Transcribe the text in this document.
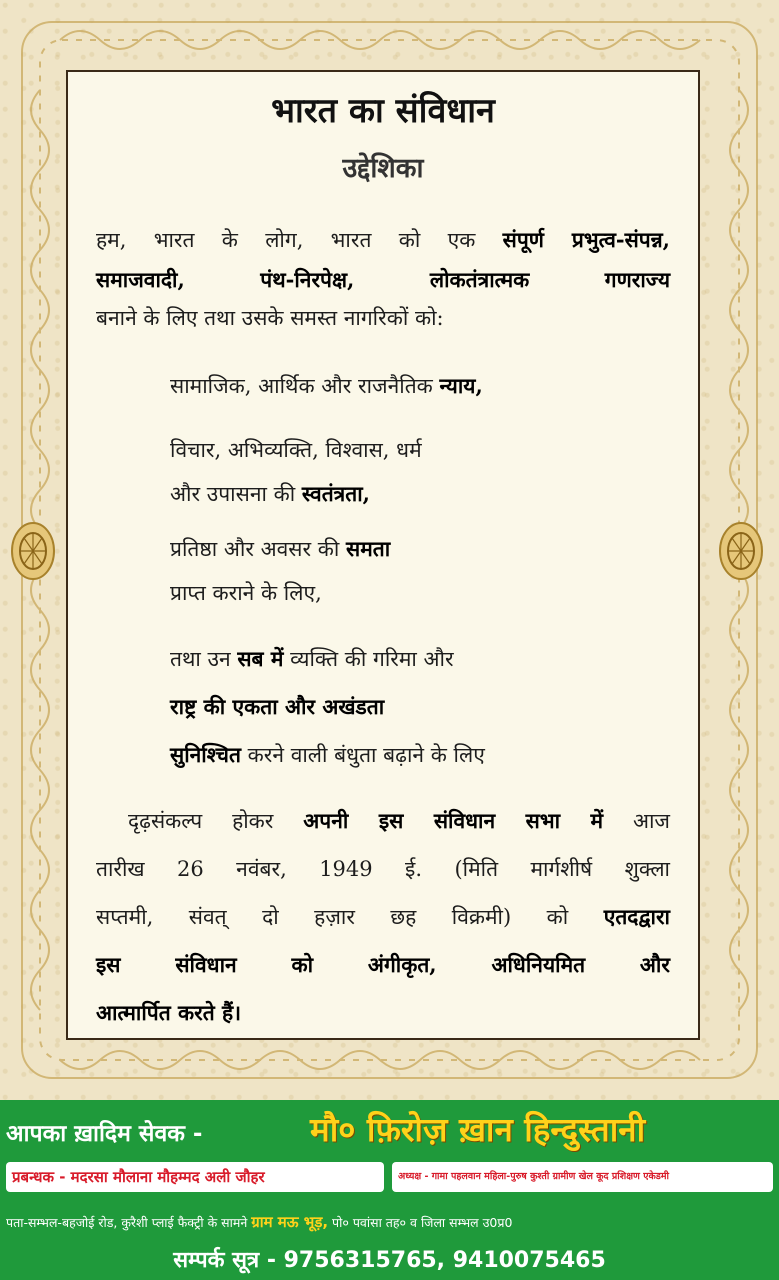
भारत का संविधान
उद्देशिका
हम, भारत के लोग, भारत को एक संपूर्ण प्रभुत्व-संपन्न,
समाजवादी, पंथ-निरपेक्ष, लोकतंत्रात्मक गणराज्य
बनाने के लिए तथा उसके समस्त नागरिकों को:
सामाजिक, आर्थिक और राजनैतिक न्याय,
विचार, अभिव्यक्ति, विश्वास, धर्म
और उपासना की स्वतंत्रता,
प्रतिष्ठा और अवसर की समता
प्राप्त कराने के लिए,
तथा उन सब में व्यक्ति की गरिमा और
राष्ट्र की एकता और अखंडता
सुनिश्चित करने वाली बंधुता बढ़ाने के लिए
दृढ़संकल्प होकर अपनी इस संविधान सभा में आज
तारीख 26 नवंबर, 1949 ई. (मिति मार्गशीर्ष शुक्ला
सप्तमी, संवत् दो हज़ार छह विक्रमी) को एतदद्वारा
इस संविधान को अंगीकृत, अधिनियमित और
आत्मार्पित करते हैं।
आपका ख़ादिम सेवक -	मौ० फ़िरोज़ ख़ान हिन्दुस्तानी
प्रबन्धक - मदरसा मौलाना मौहम्मद अली जौहर	अध्यक्ष - गामा पहलवान महिला-पुरुष कुश्ती ग्रामीण खेल कूद प्रशिक्षण एकेडमी
पता-सम्भल-बहजोई रोड, कुरैशी प्लाई फैक्ट्री के सामने ग्राम मऊ भूड़, पो० पवांसा तह० व जिला सम्भल उ0प्र0
सम्पर्क सूत्र - 9756315765, 9410075465
